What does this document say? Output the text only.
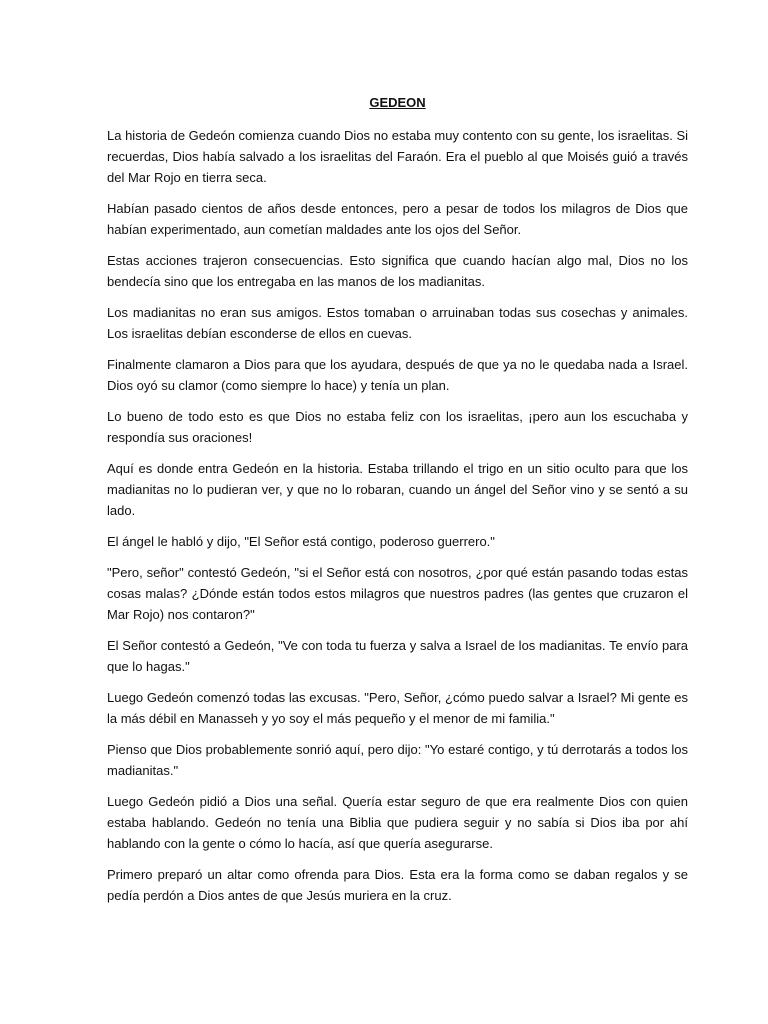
GEDEON

La historia de Gedeón comienza cuando Dios no estaba muy contento con su gente, los israelitas. Si recuerdas, Dios había salvado a los israelitas del Faraón. Era el pueblo al que Moisés guió a través del Mar Rojo en tierra seca.

Habían pasado cientos de años desde entonces, pero a pesar de todos los milagros de Dios que habían experimentado, aun cometían maldades ante los ojos del Señor.

Estas acciones trajeron consecuencias. Esto significa que cuando hacían algo mal, Dios no los bendecía sino que los entregaba en las manos de los madianitas.

Los madianitas no eran sus amigos. Estos tomaban o arruinaban todas sus cosechas y animales. Los israelitas debían esconderse de ellos en cuevas.

Finalmente clamaron a Dios para que los ayudara, después de que ya no le quedaba nada a Israel. Dios oyó su clamor (como siempre lo hace) y tenía un plan.

Lo bueno de todo esto es que Dios no estaba feliz con los israelitas, ¡pero aun los escuchaba y respondía sus oraciones!

Aquí es donde entra Gedeón en la historia. Estaba trillando el trigo en un sitio oculto para que los madianitas no lo pudieran ver, y que no lo robaran, cuando un ángel del Señor vino y se sentó a su lado.

El ángel le habló y dijo, "El Señor está contigo, poderoso guerrero."

"Pero, señor" contestó Gedeón, "si el Señor está con nosotros, ¿por qué están pasando todas estas cosas malas? ¿Dónde están todos estos milagros que nuestros padres (las gentes que cruzaron el Mar Rojo) nos contaron?"

El Señor contestó a Gedeón, "Ve con toda tu fuerza y salva a Israel de los madianitas. Te envío para que lo hagas."

Luego Gedeón comenzó todas las excusas. "Pero, Señor, ¿cómo puedo salvar a Israel? Mi gente es la más débil en Manasseh y yo soy el más pequeño y el menor de mi familia."

Pienso que Dios probablemente sonrió aquí, pero dijo: "Yo estaré contigo, y tú derrotarás a todos los madianitas."

Luego Gedeón pidió a Dios una señal. Quería estar seguro de que era realmente Dios con quien estaba hablando. Gedeón no tenía una Biblia que pudiera seguir y no sabía si Dios iba por ahí hablando con la gente o cómo lo hacía, así que quería asegurarse.

Primero preparó un altar como ofrenda para Dios. Esta era la forma como se daban regalos y se pedía perdón a Dios antes de que Jesús muriera en la cruz.
